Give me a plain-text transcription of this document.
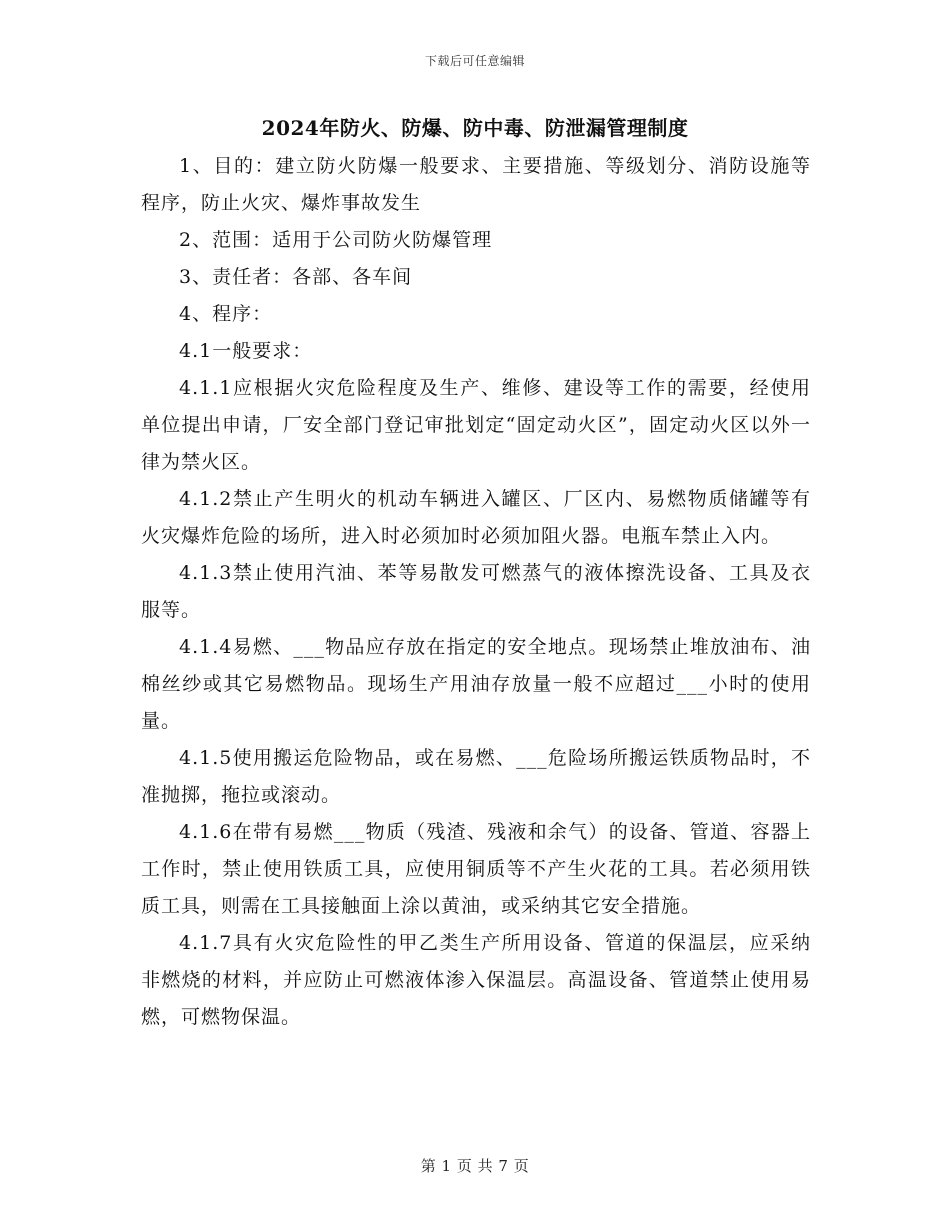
下载后可任意编辑
2024年防火、防爆、防中毒、防泄漏管理制度

1、目的：建立防火防爆一般要求、主要措施、等级划分、消防设施等程序，防止火灾、爆炸事故发生

2、范围：适用于公司防火防爆管理

3、责任者：各部、各车间

4、程序：

4.1一般要求：

4.1.1应根据火灾危险程度及生产、维修、建设等工作的需要，经使用单位提出申请，厂安全部门登记审批划定“固定动火区”，固定动火区以外一律为禁火区。

4.1.2禁止产生明火的机动车辆进入罐区、厂区内、易燃物质储罐等有火灾爆炸危险的场所，进入时必须加时必须加阻火器。电瓶车禁止入内。

4.1.3禁止使用汽油、苯等易散发可燃蒸气的液体擦洗设备、工具及衣服等。

4.1.4易燃、___物品应存放在指定的安全地点。现场禁止堆放油布、油棉丝纱或其它易燃物品。现场生产用油存放量一般不应超过___小时的使用量。

4.1.5使用搬运危险物品，或在易燃、___危险场所搬运铁质物品时，不准抛掷，拖拉或滚动。

4.1.6在带有易燃___物质（残渣、残液和余气）的设备、管道、容器上工作时，禁止使用铁质工具，应使用铜质等不产生火花的工具。若必须用铁质工具，则需在工具接触面上涂以黄油，或采纳其它安全措施。

4.1.7具有火灾危险性的甲乙类生产所用设备、管道的保温层，应采纳非燃烧的材料，并应防止可燃液体渗入保温层。高温设备、管道禁止使用易燃，可燃物保温。

第 1 页 共 7 页
